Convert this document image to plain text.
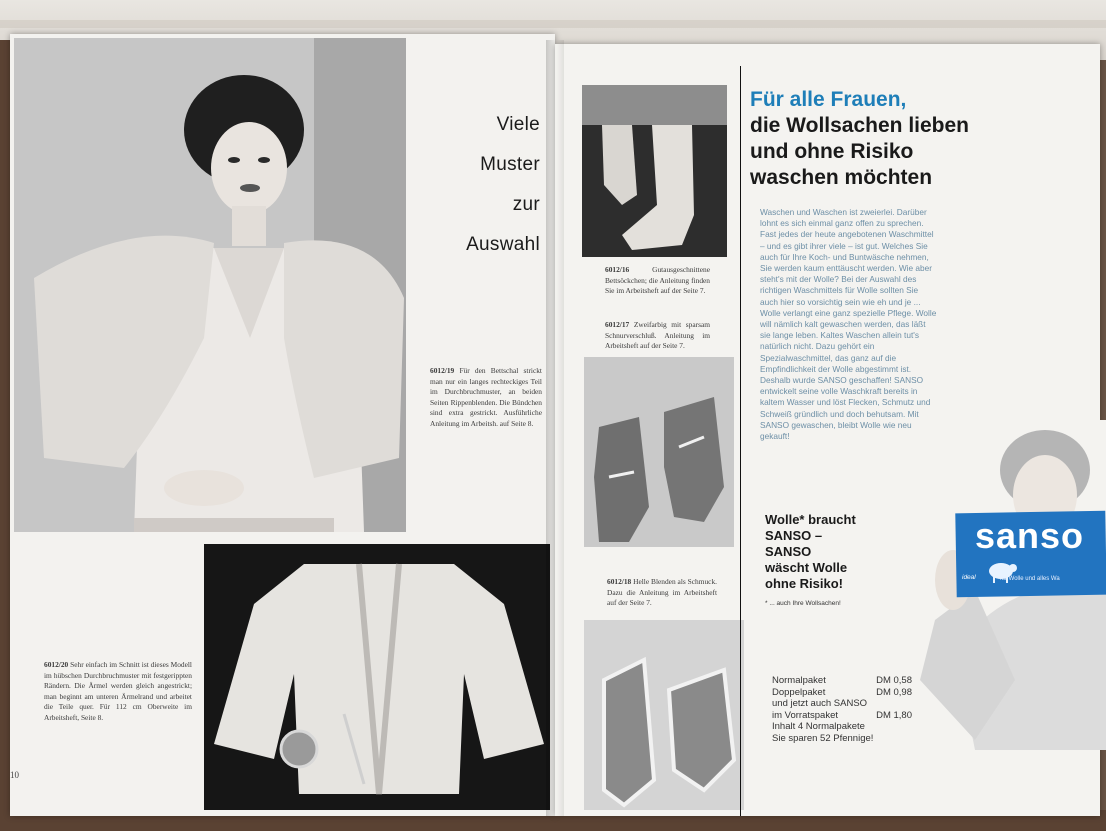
Viele
Muster
zur
Auswahl
6012/19 Für den Bettschal strickt man nur ein langes rechteckiges Teil im Durchbruchmuster, an beiden Seiten Rippenblenden. Die Bündchen sind extra gestrickt. Ausführliche Anleitung im Arbeitsh. auf Seite 8.
6012/20 Sehr einfach im Schnitt ist dieses Modell im hübschen Durchbruchmuster mit festgerippten Rändern. Die Ärmel werden gleich angestrickt; man beginnt am unteren Ärmelrand und arbeitet die Teile quer. Für 112 cm Oberweite im Arbeitsheft, Seite 8.
10
6012/16	Gutausgeschnittene Bettsöckchen; die Anleitung finden Sie im Arbeitsheft auf der Seite 7.
6012/17 Zweifarbig mit sparsam Schnurverschluß. Anleitung im Arbeitsheft auf der Seite 7.
6012/18 Helle Blenden als Schmuck. Dazu die Anleitung im Arbeitsheft auf der Seite 7.
Für alle Frauen,
die Wollsachen lieben
und ohne Risiko
waschen möchten
Waschen und Waschen ist zweierlei. Darüber lohnt es sich einmal ganz offen zu sprechen. Fast jedes der heute angebotenen Waschmittel – und es gibt ihrer viele – ist gut. Welches Sie auch für Ihre Koch- und Buntwäsche nehmen, Sie werden kaum enttäuscht werden. Wie aber steht's mit der Wolle? Bei der Auswahl des richtigen Waschmittels für Wolle sollten Sie auch hier so vorsichtig sein wie eh und je ... Wolle verlangt eine ganz spezielle Pflege. Wolle will nämlich kalt gewaschen werden, das läßt sie lange leben. Kaltes Waschen allein tut's natürlich nicht. Dazu gehört ein Spezialwaschmittel, das ganz auf die Empfindlichkeit der Wolle abgestimmt ist. Deshalb wurde SANSO geschaffen! SANSO entwickelt seine volle Waschkraft bereits in kaltem Wasser und löst Flecken, Schmutz und Schweiß gründlich und doch behutsam. Mit SANSO gewaschen, bleibt Wolle wie neu gekauft!
sanso
ideal	für Wolle und alles Wa
Wolle* braucht
SANSO –
SANSO
wäscht Wolle
ohne Risiko!
* ... auch Ihre Wollsachen!
Normalpaket	DM 0,58
Doppelpaket	DM 0,98
und jetzt auch SANSO
im Vorratspaket	DM 1,80
Inhalt 4 Normalpakete
Sie sparen 52 Pfennige!
